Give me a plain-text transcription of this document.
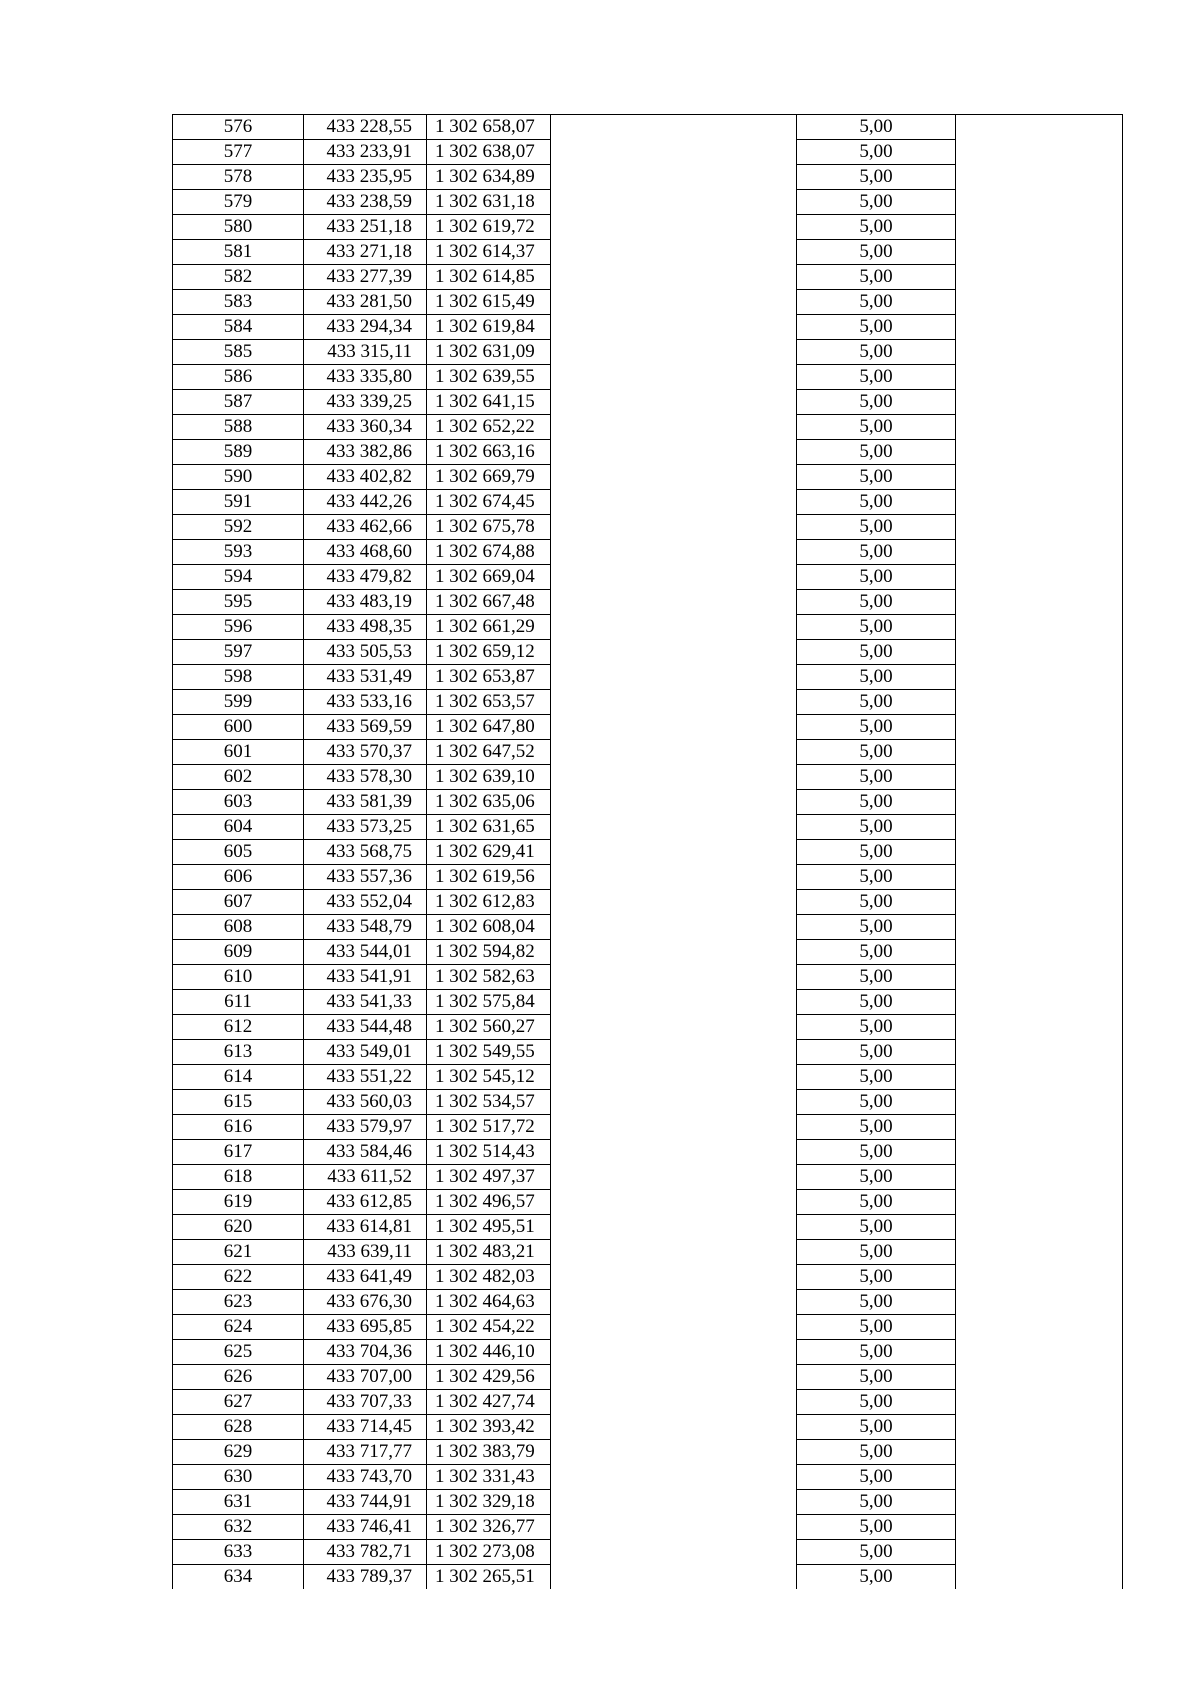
576	433 228,55	1 302 658,07		5,00	
577	433 233,91	1 302 638,07		5,00	
578	433 235,95	1 302 634,89		5,00	
579	433 238,59	1 302 631,18		5,00	
580	433 251,18	1 302 619,72		5,00	
581	433 271,18	1 302 614,37		5,00	
582	433 277,39	1 302 614,85		5,00	
583	433 281,50	1 302 615,49		5,00	
584	433 294,34	1 302 619,84		5,00	
585	433 315,11	1 302 631,09		5,00	
586	433 335,80	1 302 639,55		5,00	
587	433 339,25	1 302 641,15		5,00	
588	433 360,34	1 302 652,22		5,00	
589	433 382,86	1 302 663,16		5,00	
590	433 402,82	1 302 669,79		5,00	
591	433 442,26	1 302 674,45		5,00	
592	433 462,66	1 302 675,78		5,00	
593	433 468,60	1 302 674,88		5,00	
594	433 479,82	1 302 669,04		5,00	
595	433 483,19	1 302 667,48		5,00	
596	433 498,35	1 302 661,29		5,00	
597	433 505,53	1 302 659,12		5,00	
598	433 531,49	1 302 653,87		5,00	
599	433 533,16	1 302 653,57		5,00	
600	433 569,59	1 302 647,80		5,00	
601	433 570,37	1 302 647,52		5,00	
602	433 578,30	1 302 639,10		5,00	
603	433 581,39	1 302 635,06		5,00	
604	433 573,25	1 302 631,65		5,00	
605	433 568,75	1 302 629,41		5,00	
606	433 557,36	1 302 619,56		5,00	
607	433 552,04	1 302 612,83		5,00	
608	433 548,79	1 302 608,04		5,00	
609	433 544,01	1 302 594,82		5,00	
610	433 541,91	1 302 582,63		5,00	
611	433 541,33	1 302 575,84		5,00	
612	433 544,48	1 302 560,27		5,00	
613	433 549,01	1 302 549,55		5,00	
614	433 551,22	1 302 545,12		5,00	
615	433 560,03	1 302 534,57		5,00	
616	433 579,97	1 302 517,72		5,00	
617	433 584,46	1 302 514,43		5,00	
618	433 611,52	1 302 497,37		5,00	
619	433 612,85	1 302 496,57		5,00	
620	433 614,81	1 302 495,51		5,00	
621	433 639,11	1 302 483,21		5,00	
622	433 641,49	1 302 482,03		5,00	
623	433 676,30	1 302 464,63		5,00	
624	433 695,85	1 302 454,22		5,00	
625	433 704,36	1 302 446,10		5,00	
626	433 707,00	1 302 429,56		5,00	
627	433 707,33	1 302 427,74		5,00	
628	433 714,45	1 302 393,42		5,00	
629	433 717,77	1 302 383,79		5,00	
630	433 743,70	1 302 331,43		5,00	
631	433 744,91	1 302 329,18		5,00	
632	433 746,41	1 302 326,77		5,00	
633	433 782,71	1 302 273,08		5,00	
634	433 789,37	1 302 265,51		5,00	
